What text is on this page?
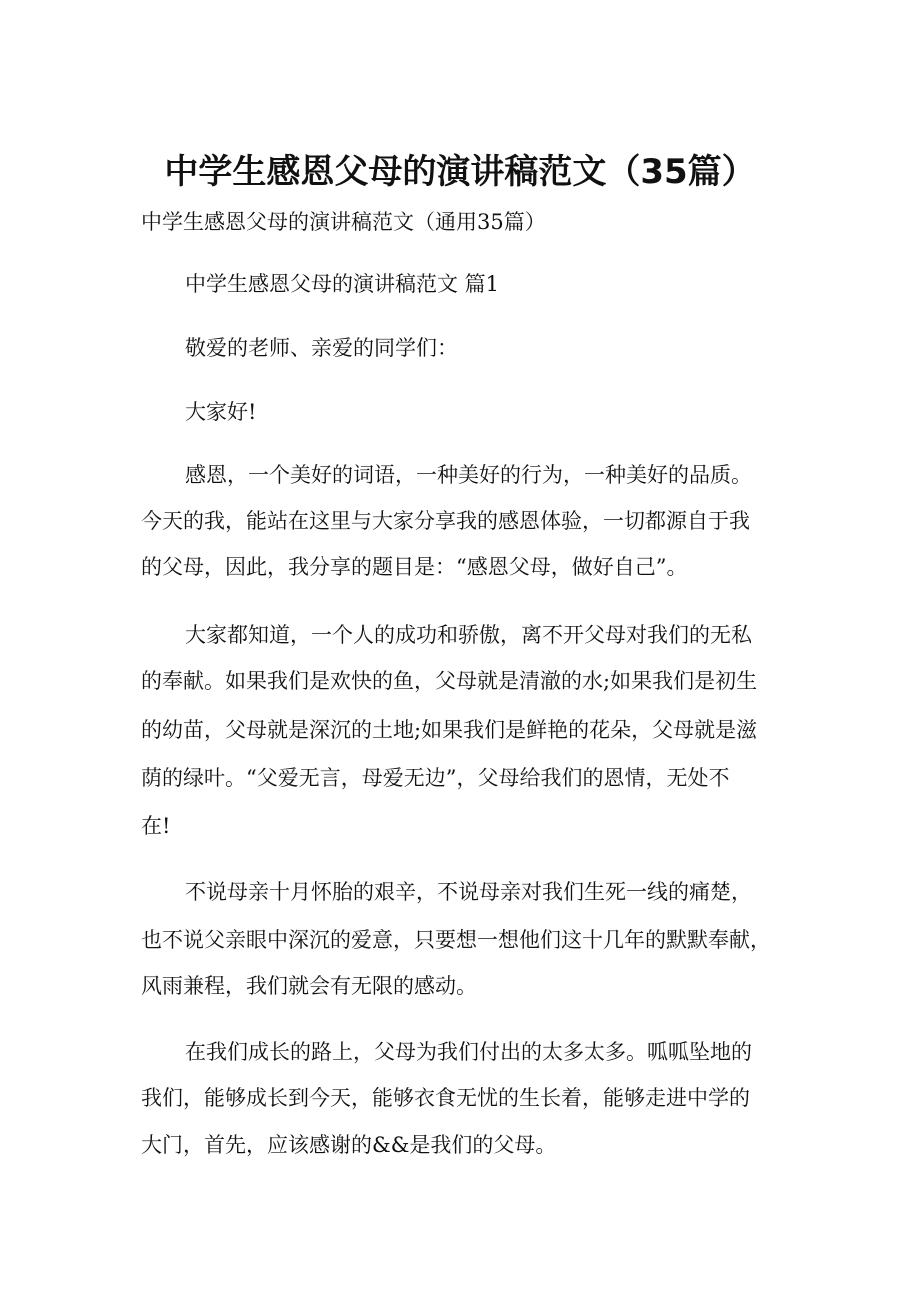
中学生感恩父母的演讲稿范文（35篇）
中学生感恩父母的演讲稿范文（通用35篇）
中学生感恩父母的演讲稿范文 篇1
敬爱的老师、亲爱的同学们：
大家好!
感恩，一个美好的词语，一种美好的行为，一种美好的品质。
今天的我，能站在这里与大家分享我的感恩体验，一切都源自于我
的父母，因此，我分享的题目是：“感恩父母，做好自己”。
大家都知道，一个人的成功和骄傲，离不开父母对我们的无私
的奉献。如果我们是欢快的鱼，父母就是清澈的水;如果我们是初生
的幼苗，父母就是深沉的土地;如果我们是鲜艳的花朵，父母就是滋
荫的绿叶。“父爱无言，母爱无边”，父母给我们的恩情，无处不
在!
不说母亲十月怀胎的艰辛，不说母亲对我们生死一线的痛楚，
也不说父亲眼中深沉的爱意，只要想一想他们这十几年的默默奉献，
风雨兼程，我们就会有无限的感动。
在我们成长的路上，父母为我们付出的太多太多。呱呱坠地的
我们，能够成长到今天，能够衣食无忧的生长着，能够走进中学的
大门，首先，应该感谢的&&是我们的父母。
